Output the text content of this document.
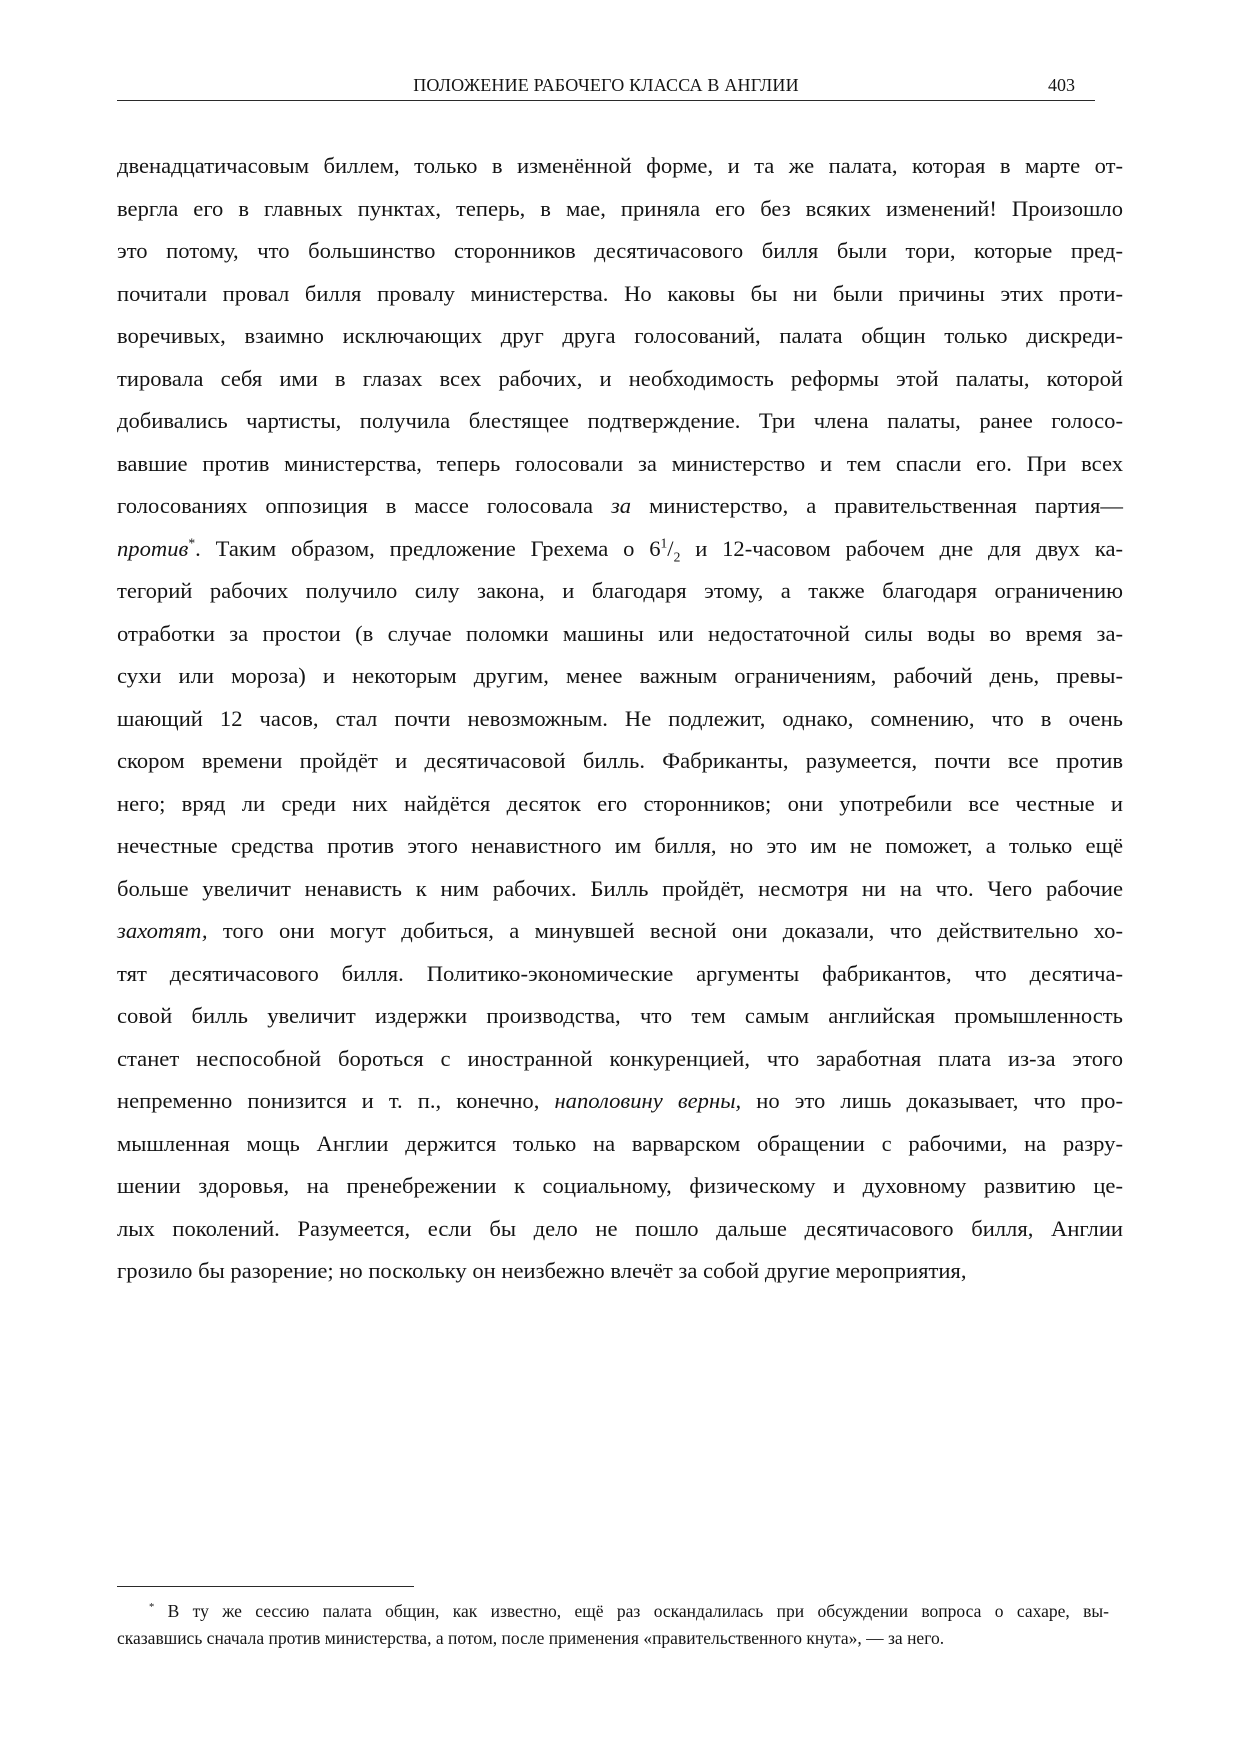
ПОЛОЖЕНИЕ РАБОЧЕГО КЛАССА В АНГЛИИ	403
двенадцатичасовым биллем, только в изменённой форме, и та же палата, которая в марте от-
вергла его в главных пунктах, теперь, в мае, приняла его без всяких изменений! Произошло
это потому, что большинство сторонников десятичасового билля были тори, которые пред-
почитали провал билля провалу министерства. Но каковы бы ни были причины этих проти-
воречивых, взаимно исключающих друг друга голосований, палата общин только дискреди-
тировала себя ими в глазах всех рабочих, и необходимость реформы этой палаты, которой
добивались чартисты, получила блестящее подтверждение. Три члена палаты, ранее голосо-
вавшие против министерства, теперь голосовали за министерство и тем спасли его. При всех
голосованиях оппозиция в массе голосовала за министерство, а правительственная партия—
против*. Таким образом, предложение Грехема о $6^1/_2$ и 12-часовом рабочем дне для двух ка-
тегорий рабочих получило силу закона, и благодаря этому, а также благодаря ограничению
отработки за простои (в случае поломки машины или недостаточной силы воды во время за-
сухи или мороза) и некоторым другим, менее важным ограничениям, рабочий день, превы-
шающий 12 часов, стал почти невозможным. Не подлежит, однако, сомнению, что в очень
скором времени пройдёт и десятичасовой билль. Фабриканты, разумеется, почти все против
него; вряд ли среди них найдётся десяток его сторонников; они употребили все честные и
нечестные средства против этого ненавистного им билля, но это им не поможет, а только ещё
больше увеличит ненависть к ним рабочих. Билль пройдёт, несмотря ни на что. Чего рабочие
захотят, того они могут добиться, а минувшей весной они доказали, что действительно хо-
тят десятичасового билля. Политико-экономические аргументы фабрикантов, что десятича-
совой билль увеличит издержки производства, что тем самым английская промышленность
станет неспособной бороться с иностранной конкуренцией, что заработная плата из-за этого
непременно понизится и т. п., конечно, наполовину верны, но это лишь доказывает, что про-
мышленная мощь Англии держится только на варварском обращении с рабочими, на разру-
шении здоровья, на пренебрежении к социальному, физическому и духовному развитию це-
лых поколений. Разумеется, если бы дело не пошло дальше десятичасового билля, Англии
грозило бы разорение; но поскольку он неизбежно влечёт за собой другие мероприятия,
* В ту же сессию палата общин, как известно, ещё раз оскандалилась при обсуждении вопроса о сахаре, вы-
сказавшись сначала против министерства, а потом, после применения «правительственного кнута», — за него.
